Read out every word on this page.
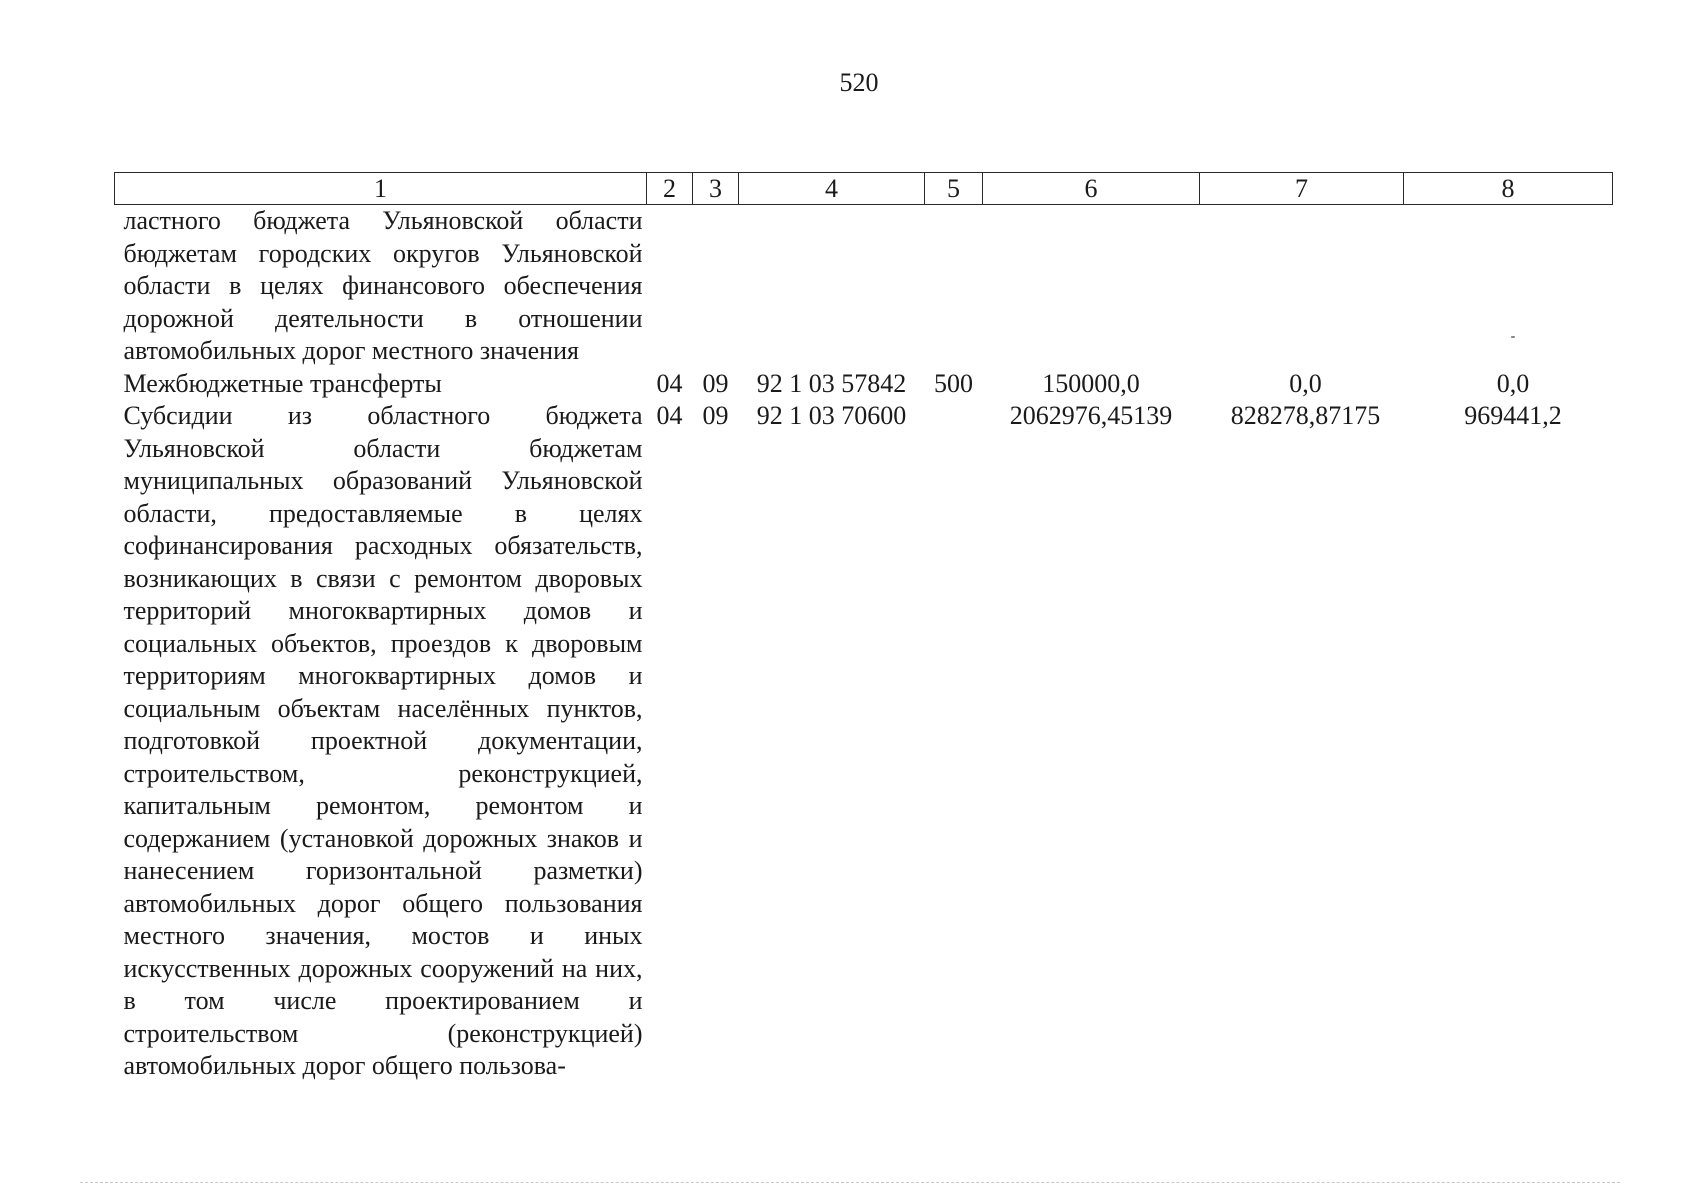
520
1	2	3	4	5	6	7	8
ластного бюджета Ульяновской области бюджетам городских округов Ульяновской области в целях финансового обеспечения дорожной деятельности в отношении автомобильных дорог местного значения							-
Межбюджетные трансферты	04	09	92 1 03 57842	500	150000,0	0,0	0,0
Субсидии из областного бюджета Ульяновской области бюджетам муниципальных образований Ульяновской области, предоставляемые в целях софинансирования расходных обязательств, возникающих в связи с ремонтом дворовых территорий многоквартирных домов и социальных объектов, проездов к дворовым территориям многоквартирных домов и социальным объектам населённых пунктов, подготовкой проектной документации, строительством, реконструкцией, капитальным ремонтом, ремонтом и содержанием (установкой дорожных знаков и нанесением горизонтальной разметки) автомобильных дорог общего пользования местного значения, мостов и иных искусственных дорожных сооружений на них, в том числе проектированием и строительством (реконструкцией) автомобильных дорог общего пользова-	04	09	92 1 03 70600		2062976,45139	828278,87175	969441,2
